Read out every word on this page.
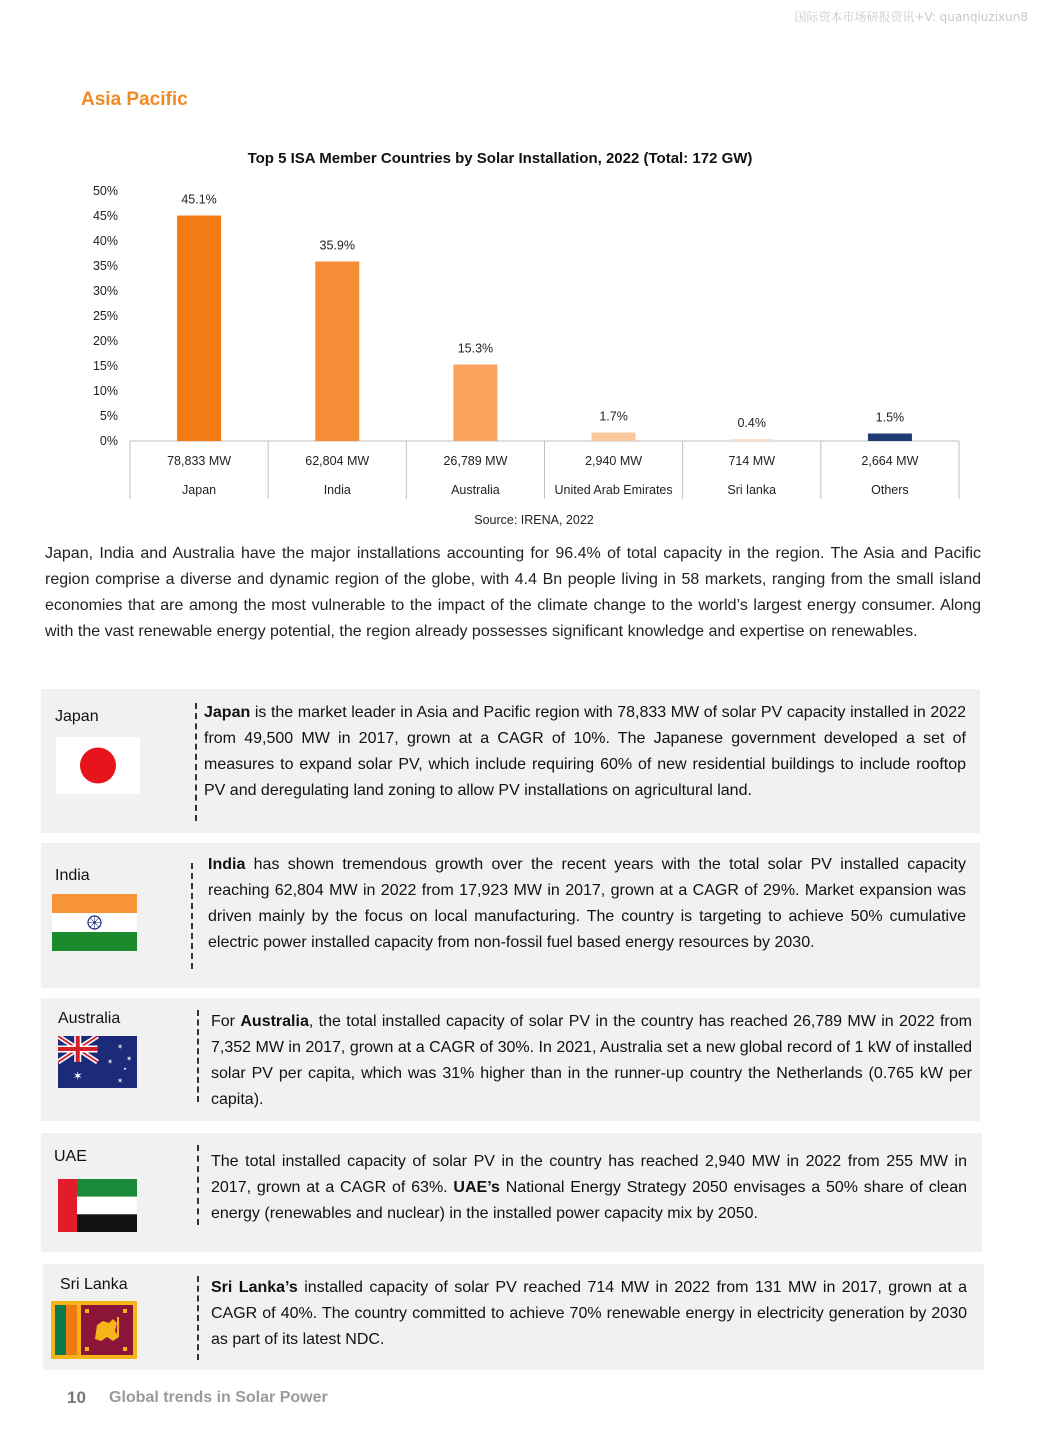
国际资本市场研报资讯+V: quanqiuzixun8
Asia Pacific
Top 5 ISA Member Countries by Solar Installation, 2022 (Total: 172 GW)
0%
5%
10%
15%
20%
25%
30%
35%
40%
45%
50%
45.1%
78,833 MW
Japan
35.9%
62,804 MW
India
15.3%
26,789 MW
Australia
1.7%
2,940 MW
United Arab Emirates
0.4%
714 MW
Sri lanka
1.5%
2,664 MW
Others
Source: IRENA, 2022
Japan, India and Australia have the major installations accounting for 96.4% of total capacity in the region. The Asia and Pacific region comprise a diverse and dynamic region of the globe, with 4.4 Bn people living in 58 markets, ranging from the small island economies that are among the most vulnerable to the impact of the climate change to the world’s largest energy consumer. Along with the vast renewable energy potential, the region already possesses significant knowledge and expertise on renewables.
Japan	Japan is the market leader in Asia and Pacific region with 78,833 MW of solar PV capacity installed in 2022 from 49,500 MW in 2017, grown at a CAGR of 10%. The Japanese government developed a set of measures to expand solar PV, which include requiring 60% of new residential buildings to include rooftop PV and deregulating land zoning to allow PV installations on agricultural land.
India
India has shown tremendous growth over the recent years with the total solar PV installed capacity reaching 62,804 MW in 2022 from 17,923 MW in 2017, grown at a CAGR of 29%. Market expansion was driven mainly by the focus on local manufacturing. The country is targeting to achieve 50% cumulative electric power installed capacity from non-fossil fuel based energy resources by 2030.
Australia
✶
✶
✶ ✶
✶
★
For Australia, the total installed capacity of solar PV in the country has reached 26,789 MW in 2022 from 7,352 MW in 2017, grown at a CAGR of 30%. In 2021, Australia set a new global record of 1 kW of installed solar PV per capita, which was 31% higher than in the runner-up country the Netherlands (0.765 kW per capita).
UAE	The total installed capacity of solar PV in the country has reached 2,940 MW in 2022 from 255 MW in 2017, grown at a CAGR of 63%. UAE’s National Energy Strategy 2050 envisages a 50% share of clean energy (renewables and nuclear) in the installed power capacity mix by 2050.
Sri Lanka	Sri Lanka’s installed capacity of solar PV reached 714 MW in 2022 from 131 MW in 2017, grown at a CAGR of 40%. The country committed to achieve 70% renewable energy in electricity generation by 2030 as part of its latest NDC.
10 Global trends in Solar Power
